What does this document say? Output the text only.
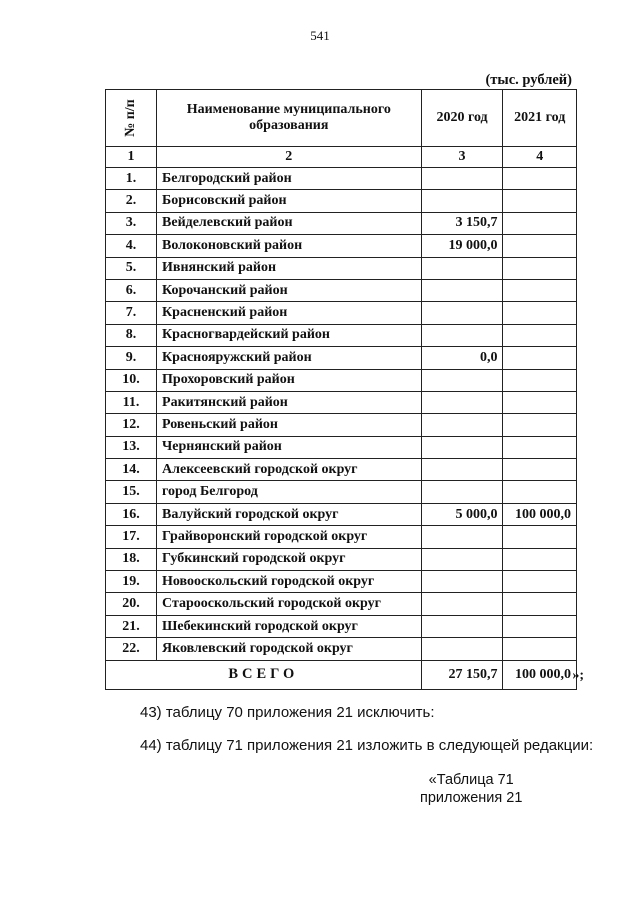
541
(тыс. рублей)
№ п/п	Наименование муниципального образования	2020 год	2021 год
1	2	3	4
1.	Белгородский район		
2.	Борисовский район		
3.	Вейделевский район	3 150,7	
4.	Волоконовский район	19 000,0	
5.	Ивнянский район		
6.	Корочанский район		
7.	Красненский район		
8.	Красногвардейский район		
9.	Краснояружский район	0,0	
10.	Прохоровский район		
11.	Ракитянский район		
12.	Ровеньский район		
13.	Чернянский район		
14.	Алексеевский городской округ		
15.	город Белгород		
16.	Валуйский городской округ	5 000,0	100 000,0
17.	Грайворонский городской округ		
18.	Губкинский городской округ		
19.	Новооскольский городской округ		
20.	Старооскольский городской округ		
21.	Шебекинский городской округ		
22.	Яковлевский городской округ		
ВСЕГО		27 150,7	100 000,0 »;
43) таблицу 70 приложения 21 исключить:
44) таблицу 71 приложения 21 изложить в следующей редакции:
«Таблица 71
приложения 21
